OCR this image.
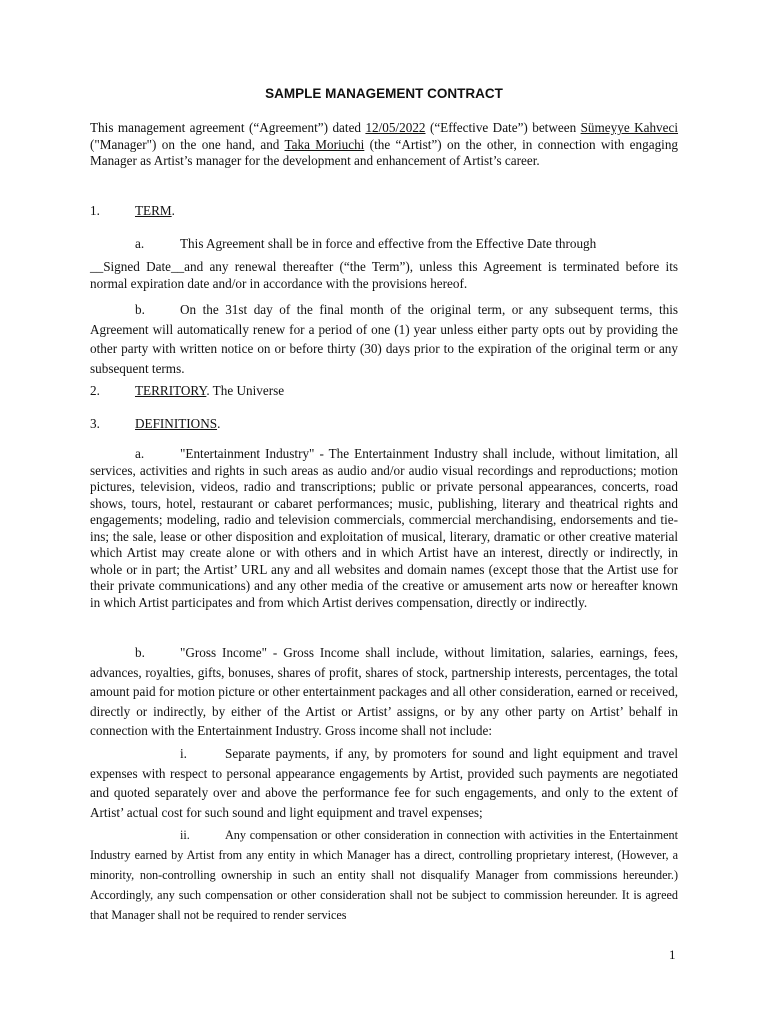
SAMPLE MANAGEMENT CONTRACT
This management agreement (“Agreement”) dated 12/05/2022 (“Effective Date”) between Sümeyye Kahveci ("Manager") on the one hand, and Taka Moriuchi (the “Artist”) on the other, in connection with engaging Manager as Artist’s manager for the development and enhancement of Artist’s career.
1.	TERM.
a.	This Agreement shall be in force and effective from the Effective Date through
__Signed Date__and any renewal thereafter (“the Term”), unless this Agreement is terminated before its normal expiration date and/or in accordance with the provisions hereof.
b.	On the 31st day of the final month of the original term, or any subsequent terms, this Agreement will automatically renew for a period of one (1) year unless either party opts out by providing the other party with written notice on or before thirty (30) days prior to the expiration of the original term or any subsequent terms.
2.	TERRITORY. The Universe
3.	DEFINITIONS.
a.	"Entertainment Industry" - The Entertainment Industry shall include, without limitation, all services, activities and rights in such areas as audio and/or audio visual recordings and reproductions; motion pictures, television, videos, radio and transcriptions; public or private personal appearances, concerts, road shows, tours, hotel, restaurant or cabaret performances; music, publishing, literary and theatrical rights and engagements; modeling, radio and television commercials, commercial merchandising, endorsements and tie-ins; the sale, lease or other disposition and exploitation of musical, literary, dramatic or other creative material which Artist may create alone or with others and in which Artist have an interest, directly or indirectly, in whole or in part; the Artist’ URL any and all websites and domain names (except those that the Artist use for their private communications) and any other media of the creative or amusement arts now or hereafter known in which Artist participates and from which Artist derives compensation, directly or indirectly.
b.	"Gross Income" - Gross Income shall include, without limitation, salaries, earnings, fees, advances, royalties, gifts, bonuses, shares of profit, shares of stock, partnership interests, percentages, the total amount paid for motion picture or other entertainment packages and all other consideration, earned or received, directly or indirectly, by either of the Artist or Artist’ assigns, or by any other party on Artist’ behalf in connection with the Entertainment Industry. Gross income shall not include:
i.	Separate payments, if any, by promoters for sound and light equipment and travel expenses with respect to personal appearance engagements by Artist, provided such payments are negotiated and quoted separately over and above the performance fee for such engagements, and only to the extent of Artist’ actual cost for such sound and light equipment and travel expenses;
ii.	Any compensation or other consideration in connection with activities in the Entertainment Industry earned by Artist from any entity in which Manager has a direct, controlling proprietary interest, (However, a minority, non-controlling ownership in such an entity shall not disqualify Manager from commissions hereunder.) Accordingly, any such compensation or other consideration shall not be subject to commission hereunder. It is agreed that Manager shall not be required to render services
1
